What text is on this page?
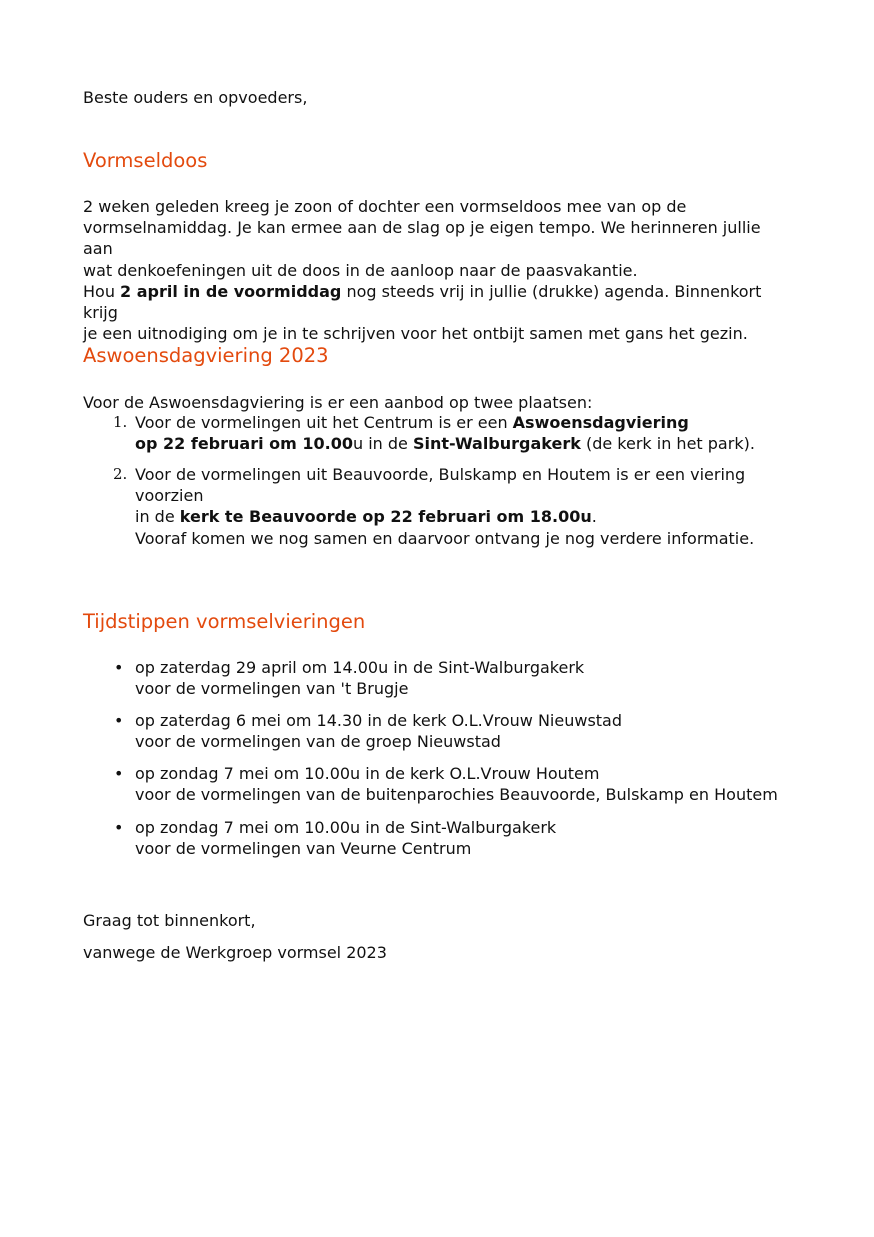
Beste ouders en opvoeders,
Vormseldoos

2 weken geleden kreeg je zoon of dochter een vormseldoos mee van op de

vormselnamiddag. Je kan ermee aan de slag op je eigen tempo. We herinneren jullie aan

wat denkoefeningen uit de doos in de aanloop naar de paasvakantie.

Hou 2 april in de voormiddag nog steeds vrij in jullie (drukke) agenda. Binnenkort krijg

je een uitnodiging om je in te schrijven voor het ontbijt samen met gans het gezin.

Aswoensdagviering 2023
Voor de Aswoensdagviering is er een aanbod op twee plaatsen:
1. Voor de vormelingen uit het Centrum is er een Aswoensdagviering
op 22 februari om 10.00u in de Sint-Walburgakerk (de kerk in het park).
2. Voor de vormelingen uit Beauvoorde, Bulskamp en Houtem is er een viering
voorzien
in de kerk te Beauvoorde op 22 februari om 18.00u.
Vooraf komen we nog samen en daarvoor ontvang je nog verdere informatie.
Tijdstippen vormselvieringen
• op zaterdag 29 april om 14.00u in de Sint-Walburgakerk
voor de vormelingen van 't Brugje
• op zaterdag 6 mei om 14.30 in de kerk O.L.Vrouw Nieuwstad
voor de vormelingen van de groep Nieuwstad
• op zondag 7 mei om 10.00u in de kerk O.L.Vrouw Houtem
voor de vormelingen van de buitenparochies Beauvoorde, Bulskamp en Houtem
• op zondag 7 mei om 10.00u in de Sint-Walburgakerk
voor de vormelingen van Veurne Centrum
Graag tot binnenkort,
vanwege de Werkgroep vormsel 2023
